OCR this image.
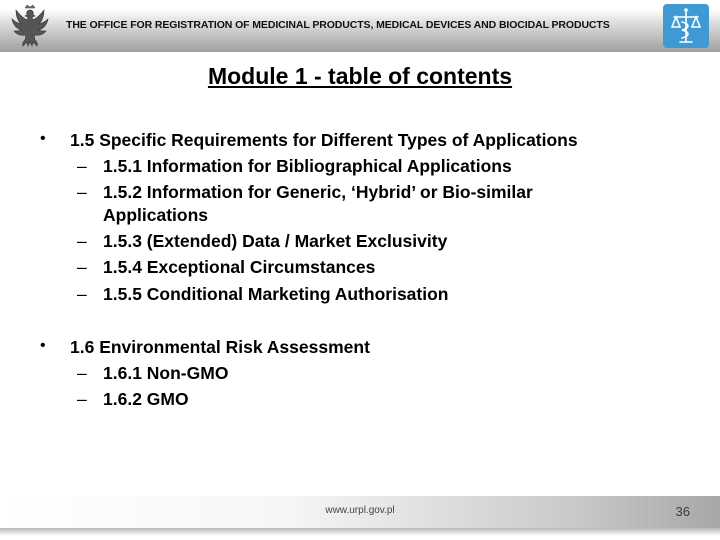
THE OFFICE FOR REGISTRATION OF MEDICINAL PRODUCTS, MEDICAL DEVICES AND BIOCIDAL PRODUCTS
Module 1 - table of contents
• 1.5 Specific Requirements for Different Types of Applications
– 1.5.1 Information for Bibliographical Applications
– 1.5.2 Information for Generic, ‘Hybrid’ or Bio-similar
Applications
– 1.5.3 (Extended) Data / Market Exclusivity
– 1.5.4 Exceptional Circumstances
– 1.5.5 Conditional Marketing Authorisation
• 1.6 Environmental Risk Assessment
– 1.6.1 Non-GMO
– 1.6.2 GMO
www.urpl.gov.pl	36
